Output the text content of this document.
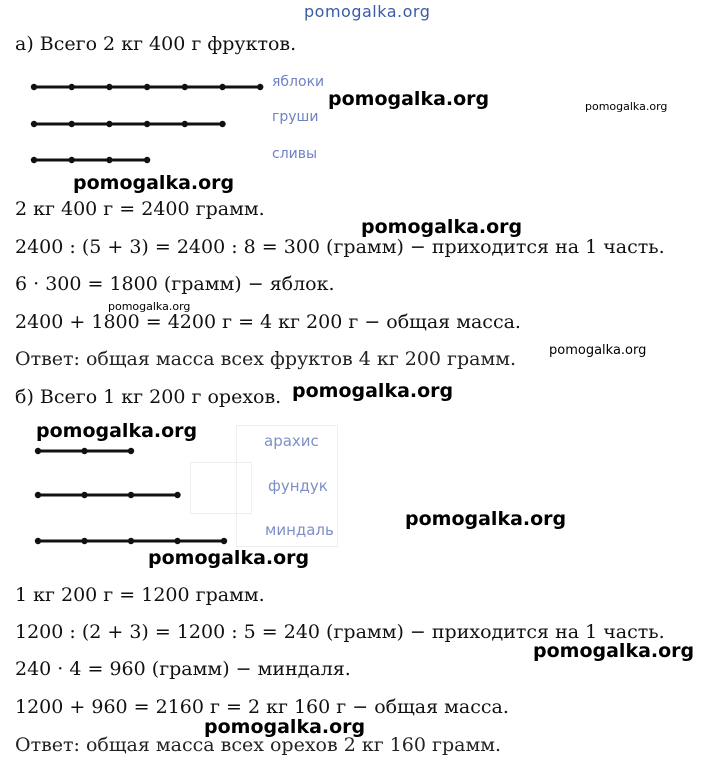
pomogalka.org
а) Всего 2 кг 400 г фруктов.
яблоки
груши
сливы
pomogalka.org	pomogalka.org
pomogalka.org
2 кг 400 г = 2400 грамм.
2400 : (5 + 3) = 2400 : 8 = 300 (грамм) − приходится на 1 часть.
6 · 300 = 1800 (грамм) − яблок.
2400 + 1800 = 4200 г = 4 кг 200 г − общая масса.
Ответ: общая масса всех фруктов 4 кг 200 грамм.
pomogalka.org
pomogalka.org
pomogalka.org
б) Всего 1 кг 200 г орехов. pomogalka.org
pomogalka.org	арахис
фундук
миндаль	pomogalka.org
pomogalka.org
1 кг 200 г = 1200 грамм.
1200 : (2 + 3) = 1200 : 5 = 240 (грамм) − приходится на 1 часть.
240 · 4 = 960 (грамм) − миндаля.
1200 + 960 = 2160 г = 2 кг 160 г − общая масса.
Ответ: общая масса всех орехов 2 кг 160 грамм.
pomogalka.org
pomogalka.org
